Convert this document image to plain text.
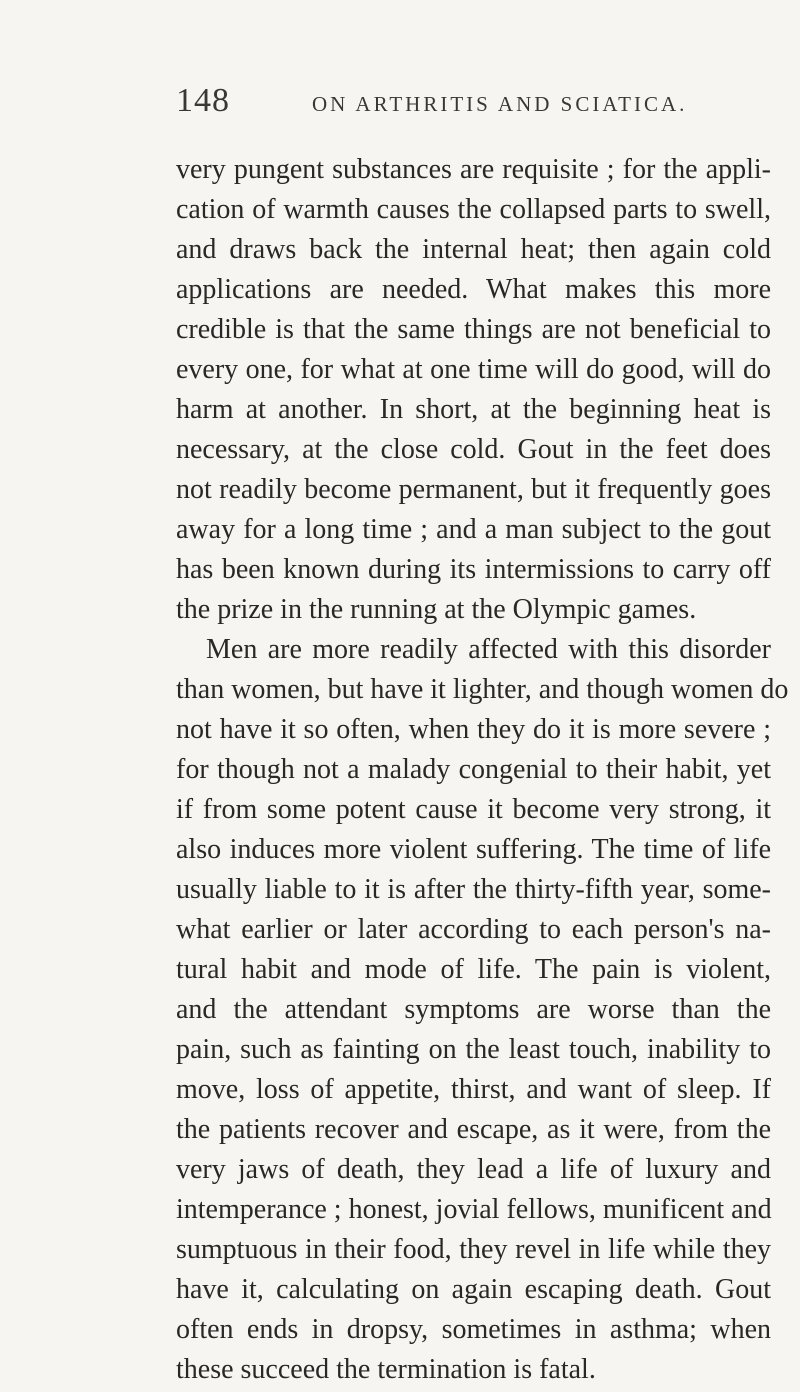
148	ON ARTHRITIS AND SCIATICA.
very pungent substances are requisite ; for the appli-
cation of warmth causes the collapsed parts to swell,
and draws back the internal heat; then again cold
applications are needed. What makes this more
credible is that the same things are not beneficial to
every one, for what at one time will do good, will do
harm at another. In short, at the beginning heat is
necessary, at the close cold. Gout in the feet does
not readily become permanent, but it frequently goes
away for a long time ; and a man subject to the gout
has been known during its intermissions to carry off
the prize in the running at the Olympic games.
Men are more readily affected with this disorder
than women, but have it lighter, and though women do
not have it so often, when they do it is more severe ;
for though not a malady congenial to their habit, yet
if from some potent cause it become very strong, it
also induces more violent suffering. The time of life
usually liable to it is after the thirty-fifth year, some-
what earlier or later according to each person's na-
tural habit and mode of life. The pain is violent,
and the attendant symptoms are worse than the
pain, such as fainting on the least touch, inability to
move, loss of appetite, thirst, and want of sleep. If
the patients recover and escape, as it were, from the
very jaws of death, they lead a life of luxury and
intemperance ; honest, jovial fellows, munificent and
sumptuous in their food, they revel in life while they
have it, calculating on again escaping death. Gout
often ends in dropsy, sometimes in asthma; when
these succeed the termination is fatal.
